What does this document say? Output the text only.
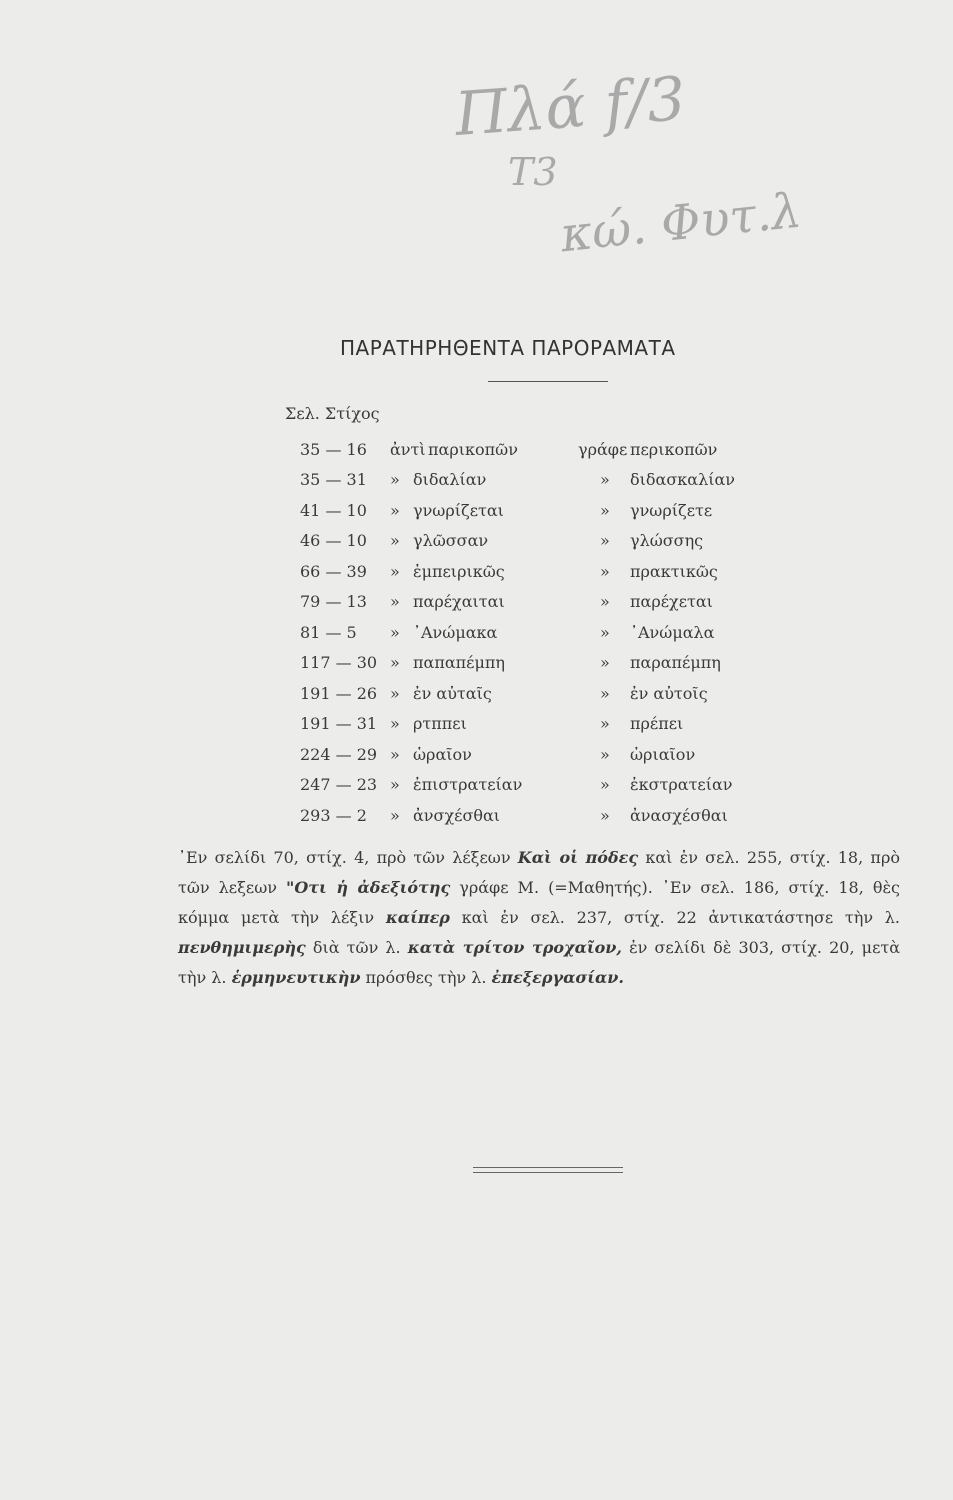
Πλά f/3
Τ3
κώ. Φυτ.λ
ΠΑΡΑΤΗΡΗΘΕΝΤΑ ΠΑΡΟΡΑΜΑΤΑ
Σελ. Στίχος
35 — 16	ἀντὶ παρικοπῶν	γράφε περικοπῶν
35 — 31	» διδαλίαν	» διδασκαλίαν
41 — 10	» γνωρίζεται	» γνωρίζετε
46 — 10	» γλῶσσαν	» γλώσσης
66 — 39	» ἐμπειρικῶς	» πρακτικῶς
79 — 13	» παρέχαιται	» παρέχεται
81 — 5	» ᾿Ανώμακα	» ᾿Ανώμαλα
117 — 30 » παπαπέμπη	» παραπέμπη
191 — 26 » ἐν αὐταῖς	» ἐν αὐτοῖς
191 — 31 » ρτππει	» πρέπει
224 — 29 » ὡραῖον	» ὡριαῖον
247 — 23 » ἐπιστρατείαν	» ἐκστρατείαν
293 — 2	» ἀνσχέσθαι	» ἀνασχέσθαι
᾿Εν σελίδι 70, στίχ. 4, πρὸ τῶν λέξεων Καὶ οἱ πόδες καὶ ἐν σελ. 255, στίχ. 18, πρὸ τῶν λεξεων "Οτι ἡ ἀδεξιότης γράφε Μ. (=Μαθητής). ᾿Εν σελ. 186, στίχ. 18, θὲς κόμμα μετὰ τὴν λέξιν καίπερ καὶ ἐν σελ. 237, στίχ. 22 ἀντικατάστησε τὴν λ. πενθημιμερὴς διὰ τῶν λ. κατὰ τρίτον τροχαῖον, ἐν σελίδι δὲ 303, στίχ. 20, μετὰ τὴν λ. ἑρμηνευτικὴν πρόσθες τὴν λ. ἐπεξεργασίαν.
